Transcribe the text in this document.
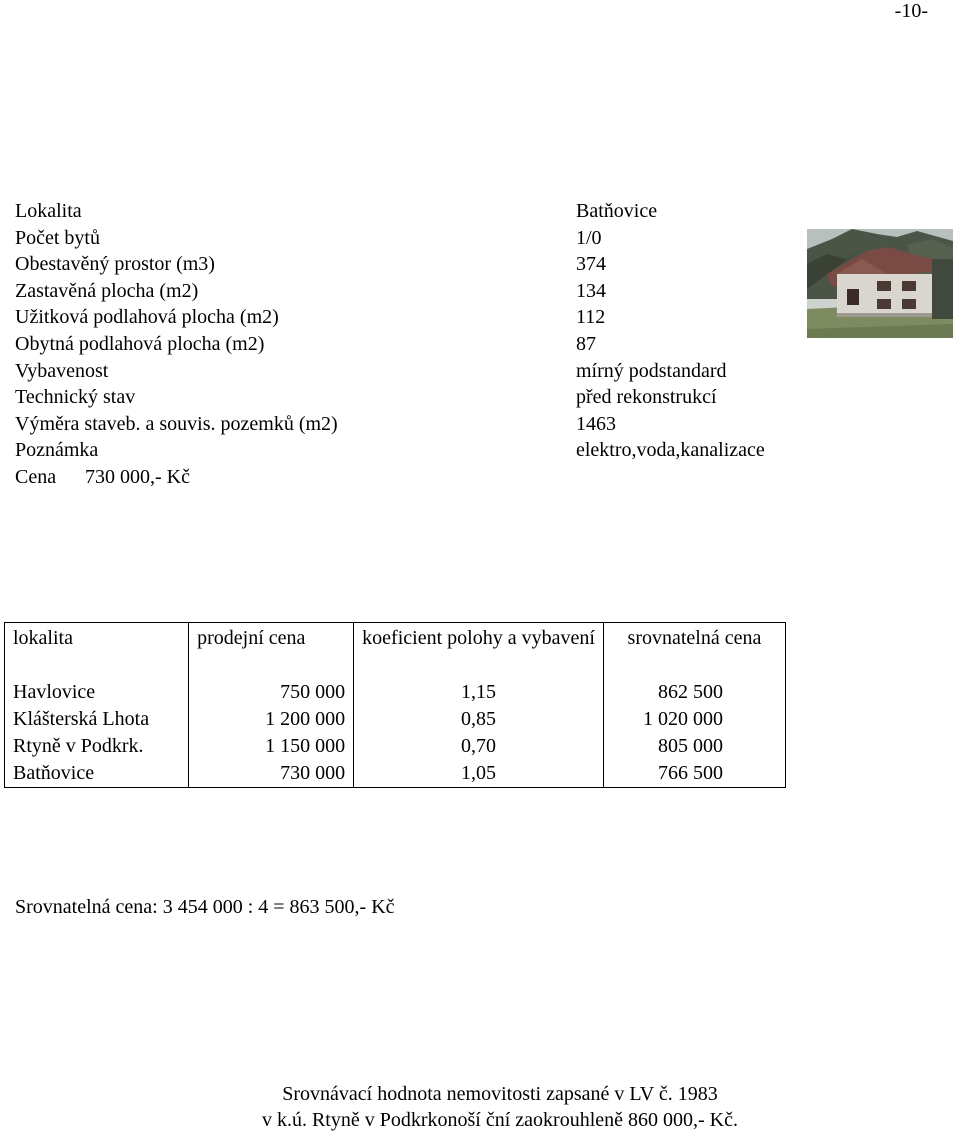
-10-
Lokalita	Batňovice
Počet bytů	1/0
Obestavěný prostor (m3)	374
Zastavěná plocha (m2)	134
Užitková podlahová plocha (m2)	112
Obytná podlahová plocha (m2)	87
Vybavenost	mírný podstandard
Technický stav	před rekonstrukcí
Výměra staveb. a souvis. pozemků (m2)	1463
Poznámka	elektro,voda,kanalizace
Cena 730 000,- Kč
lokalita	prodejní cena	koeficient polohy a vybavení	srovnatelná cena
Havlovice	750 000	1,15	862 500
Klášterská Lhota	1 200 000	0,85	1 020 000
Rtyně v Podkrk.	1 150 000	0,70	805 000
Batňovice	730 000	1,05	766 500
Srovnatelná cena: 3 454 000 : 4 = 863 500,- Kč
Srovnávací hodnota nemovitosti zapsané v LV č. 1983
v k.ú. Rtyně v Podkrkonoší ční zaokrouhleně 860 000,- Kč.
